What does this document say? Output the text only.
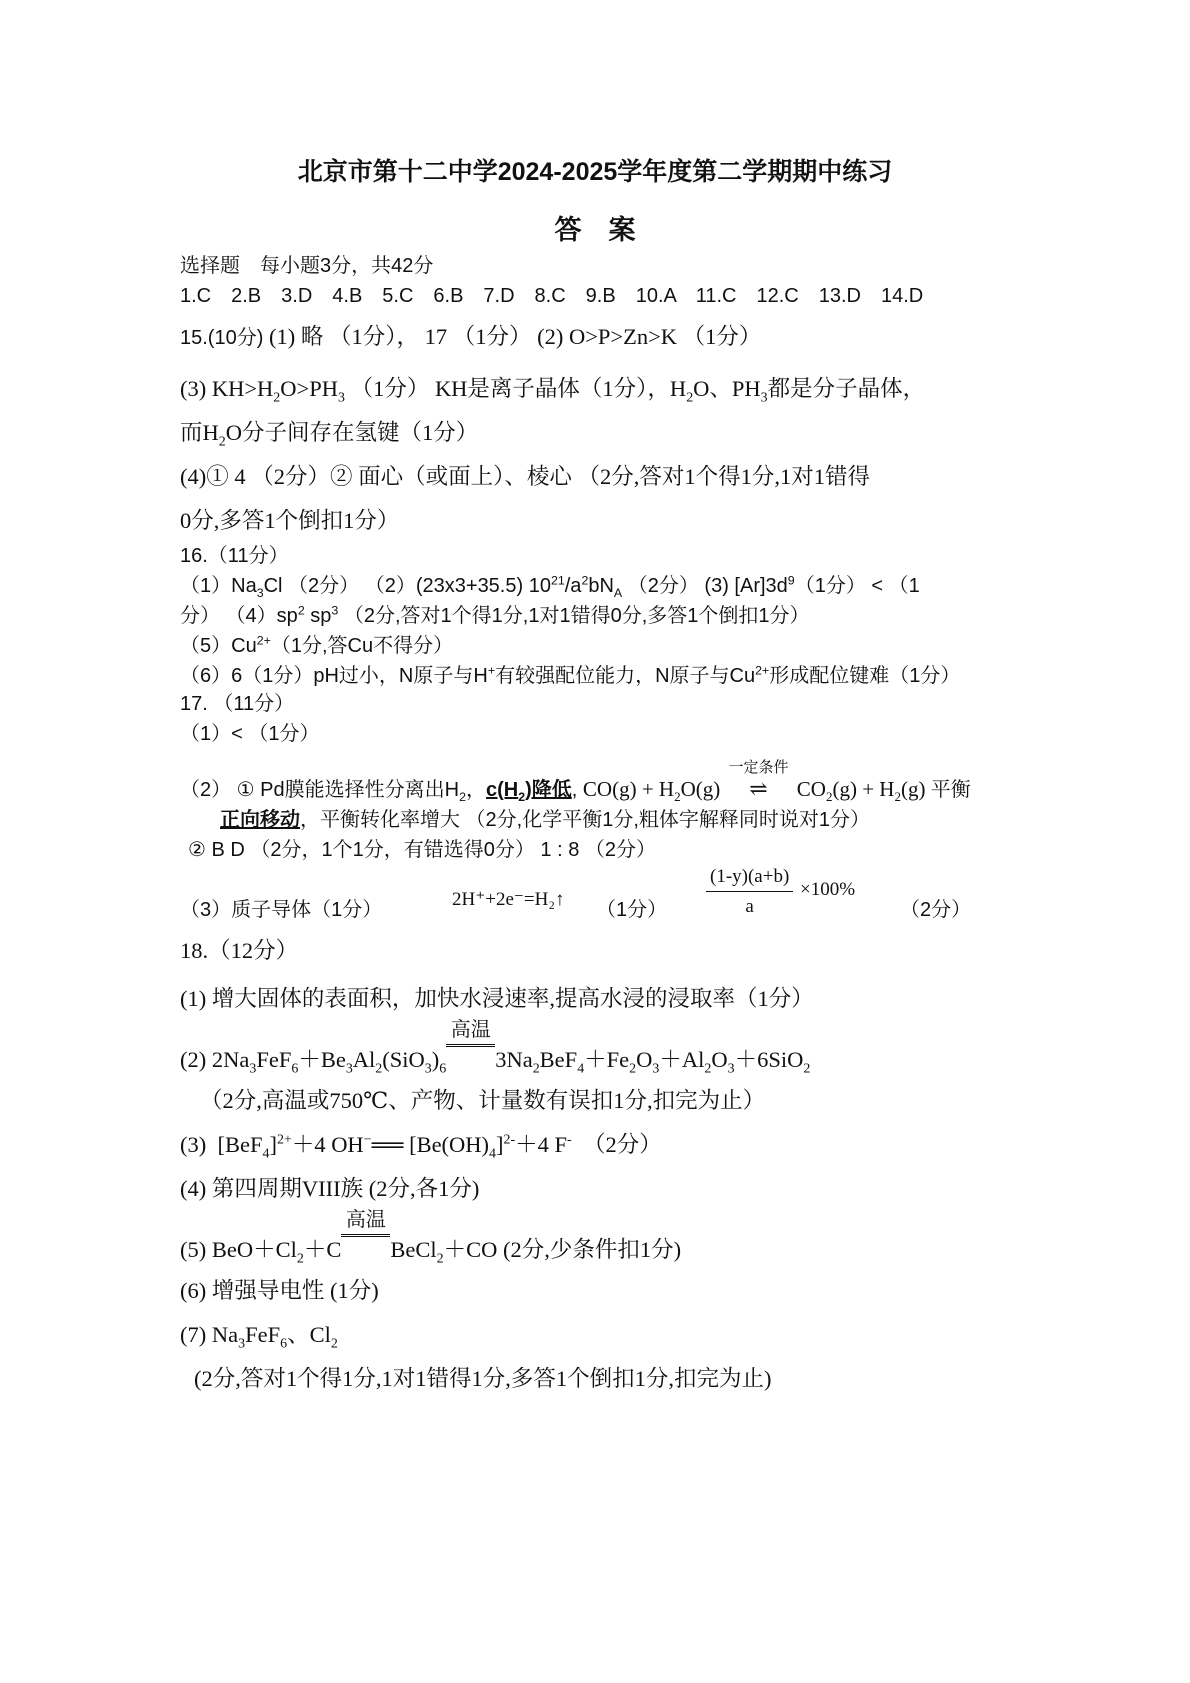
北京市第十二中学2024-2025学年度第二学期期中练习
答　案
选择题　每小题3分，共42分
1.C　2.B　3.D　4.B　5.C　6.B　7.D　8.C　9.B　10.A　11.C　12.C　13.D　14.D
15.(10分) (1) 略 （1分）， 17 （1分） (2) O>P>Zn>K （1分）
(3) $KH>H_2O>PH_3$ （1分） KH是离子晶体（1分），$H_2O$、$PH_3$都是分子晶体，
而$H_2O$分子间存在氢键（1分）
(4)① 4 （2分）② 面心（或面上）、棱心 （2分,答对1个得1分,1对1错得
0分,多答1个倒扣1分）
16.（11分）
$(1)Na_3Cl$ （2分） （2）(23x3+35.5) $10^{21}/a^2bN_A$ （2分） (3) $[Ar]3d^9(1$分） < （1
分） $(4)sp^2$ $sp^3$ （2分,答对1个得1分,1对1错得0分,多答1个倒扣1分）
$(5)Cu^{2+}(1$分,答Cu不得分）
（6）6（1分）pH过小，N原子与H+有较强配位能力，N原子与$Cu^{2+}$形成配位键难（1分）
17. （11分）
（1）< （1分）
（2） ① Pd膜能选择性分离出$H_2$，$c(H_2)$降低, $CO(g) + H_2O(g)$
一定条件
⇌ $CO_2(g) + H_2(g)$ 平衡
正向移动，平衡转化率增大 （2分,化学平衡1分,粗体字解释同时说对1分）
② B D （2分，1个1分，有错选得0分） 1 : 8 （2分）
（3）质子导体（1分）	2H⁺+2e⁻=H₂↑ （1分） $\frac{(1-y)(a+b)}{a} \times 100\%$
（2分）
18.（12分）
(1) 增大固体的表面积，加快水浸速率,提高水浸的浸取率（1分）
(2) $2Na_3FeF_6+Be_3Al_2(SiO_3)_6$
高温
$3Na_2BeF_4+Fe_2O_3+Al_2O_3+6SiO_2$
（2分,高温或750℃、产物、计量数有误扣1分,扣完为止）
(3)  $[BeF_4]^{2+}+4$ OH−══ $[Be(OH)_4]^{2-}+4$ F- （2分）
(4) 第四周期VIII族 (2分,各1分)
(5) $BeO+Cl_2+C$
高温
BeCl$_2$＋CO (2分,少条件扣1分)
(6) 增强导电性 (1分)
(7) $Na_3FeF_6$、$Cl_2$
(2分,答对1个得1分,1对1错得1分,多答1个倒扣1分,扣完为止)
